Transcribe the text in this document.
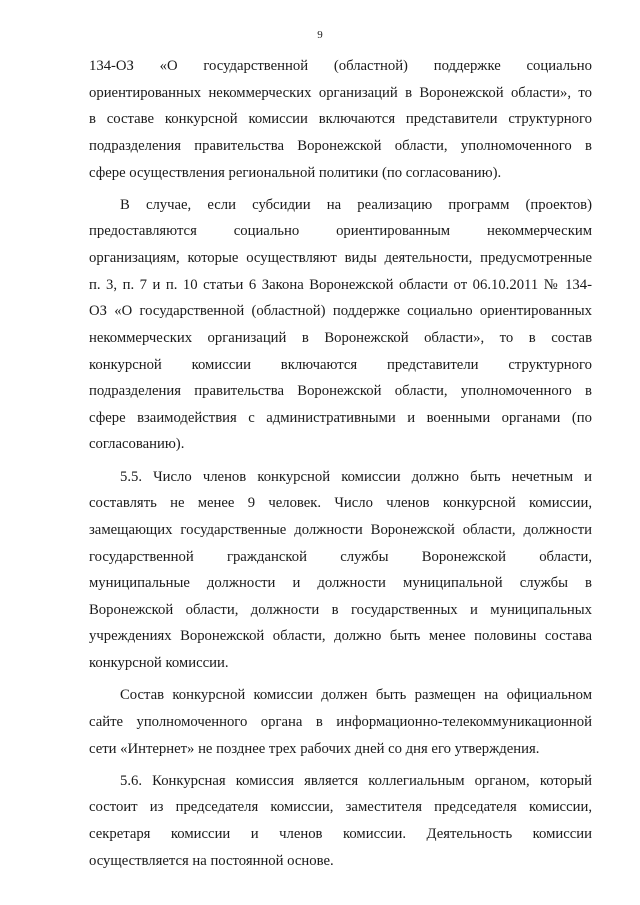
9
134-ОЗ «О государственной (областной) поддержке социально
ориентированных некоммерческих организаций в Воронежской области», то
в составе конкурсной комиссии включаются представители структурного
подразделения правительства Воронежской области, уполномоченного в
сфере осуществления региональной политики (по согласованию).
В случае, если субсидии на реализацию программ (проектов)
предоставляются социально ориентированным некоммерческим
организациям, которые осуществляют виды деятельности, предусмотренные
п. 3, п. 7 и п. 10 статьи 6 Закона Воронежской области от 06.10.2011 № 134-
ОЗ «О государственной (областной) поддержке социально ориентированных
некоммерческих организаций в Воронежской области», то в состав
конкурсной комиссии включаются представители структурного
подразделения правительства Воронежской области, уполномоченного в
сфере взаимодействия с административными и военными органами (по
согласованию).
5.5. Число членов конкурсной комиссии должно быть нечетным и
составлять не менее 9 человек. Число членов конкурсной комиссии,
замещающих государственные должности Воронежской области, должности
государственной гражданской службы Воронежской области,
муниципальные должности и должности муниципальной службы в
Воронежской области, должности в государственных и муниципальных
учреждениях Воронежской области, должно быть менее половины состава
конкурсной комиссии.
Состав конкурсной комиссии должен быть размещен на официальном
сайте уполномоченного органа в информационно-телекоммуникационной
сети «Интернет» не позднее трех рабочих дней со дня его утверждения.
5.6. Конкурсная комиссия является коллегиальным органом, который
состоит из председателя комиссии, заместителя председателя комиссии,
секретаря комиссии и членов комиссии. Деятельность комиссии
осуществляется на постоянной основе.
